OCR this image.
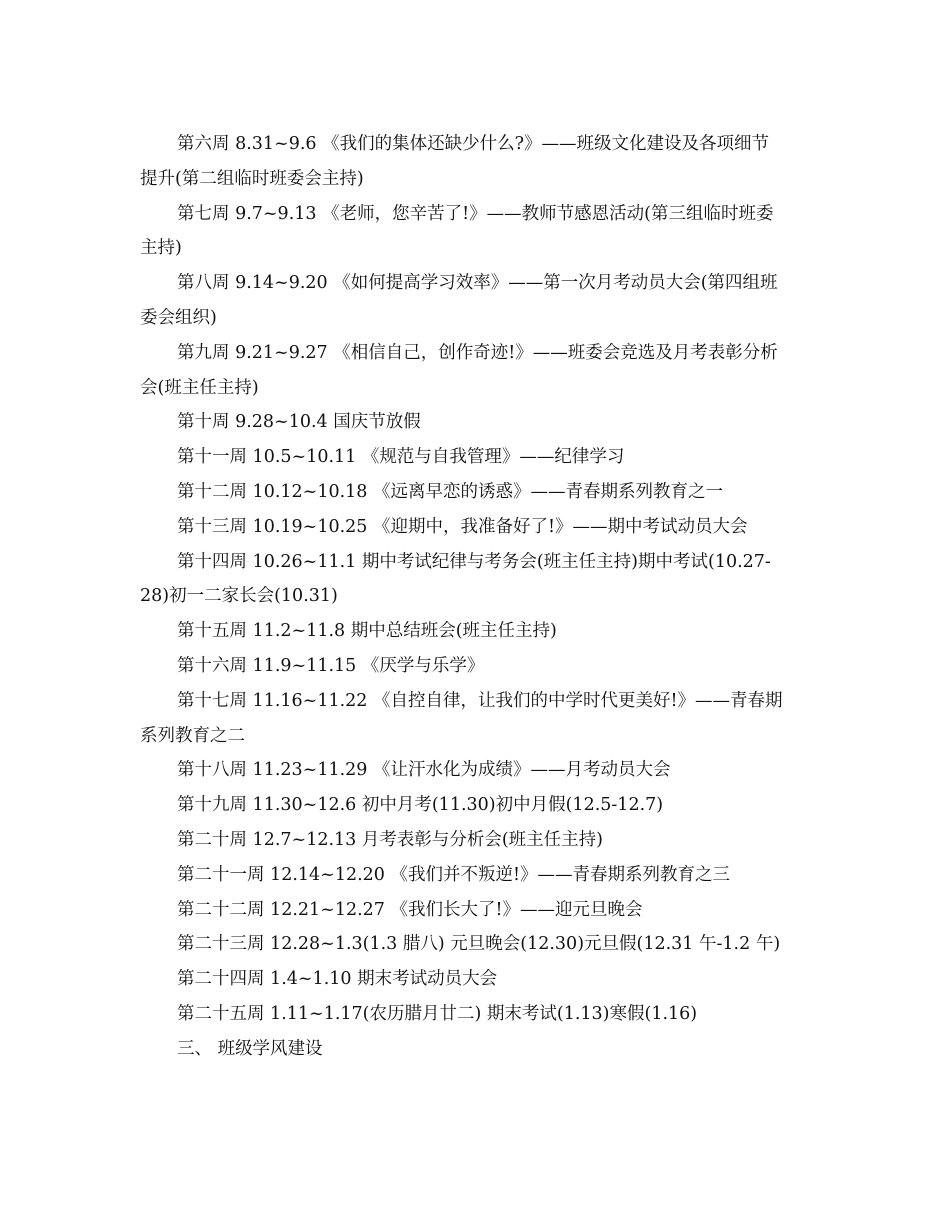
第六周 8.31~9.6 《我们的集体还缺少什么?》——班级文化建设及各项细节
提升(第二组临时班委会主持)

第七周 9.7~9.13 《老师，您辛苦了!》——教师节感恩活动(第三组临时班委
主持)

第八周 9.14~9.20 《如何提高学习效率》——第一次月考动员大会(第四组班
委会组织)

第九周 9.21~9.27 《相信自己，创作奇迹!》——班委会竞选及月考表彰分析
会(班主任主持)

第十周 9.28~10.4 国庆节放假

第十一周 10.5~10.11 《规范与自我管理》——纪律学习

第十二周 10.12~10.18 《远离早恋的诱惑》——青春期系列教育之一

第十三周 10.19~10.25 《迎期中，我准备好了!》——期中考试动员大会

第十四周 10.26~11.1 期中考试纪律与考务会(班主任主持)期中考试(10.27-
28)初一二家长会(10.31)

第十五周 11.2~11.8 期中总结班会(班主任主持)

第十六周 11.9~11.15 《厌学与乐学》

第十七周 11.16~11.22 《自控自律，让我们的中学时代更美好!》——青春期
系列教育之二

第十八周 11.23~11.29 《让汗水化为成绩》——月考动员大会

第十九周 11.30~12.6 初中月考(11.30)初中月假(12.5-12.7)

第二十周 12.7~12.13 月考表彰与分析会(班主任主持)

第二十一周 12.14~12.20 《我们并不叛逆!》——青春期系列教育之三

第二十二周 12.21~12.27 《我们长大了!》——迎元旦晚会

第二十三周 12.28~1.3(1.3 腊八) 元旦晚会(12.30)元旦假(12.31 午-1.2 午)

第二十四周 1.4~1.10 期末考试动员大会

第二十五周 1.11~1.17(农历腊月廿二) 期末考试(1.13)寒假(1.16)

三、 班级学风建设
